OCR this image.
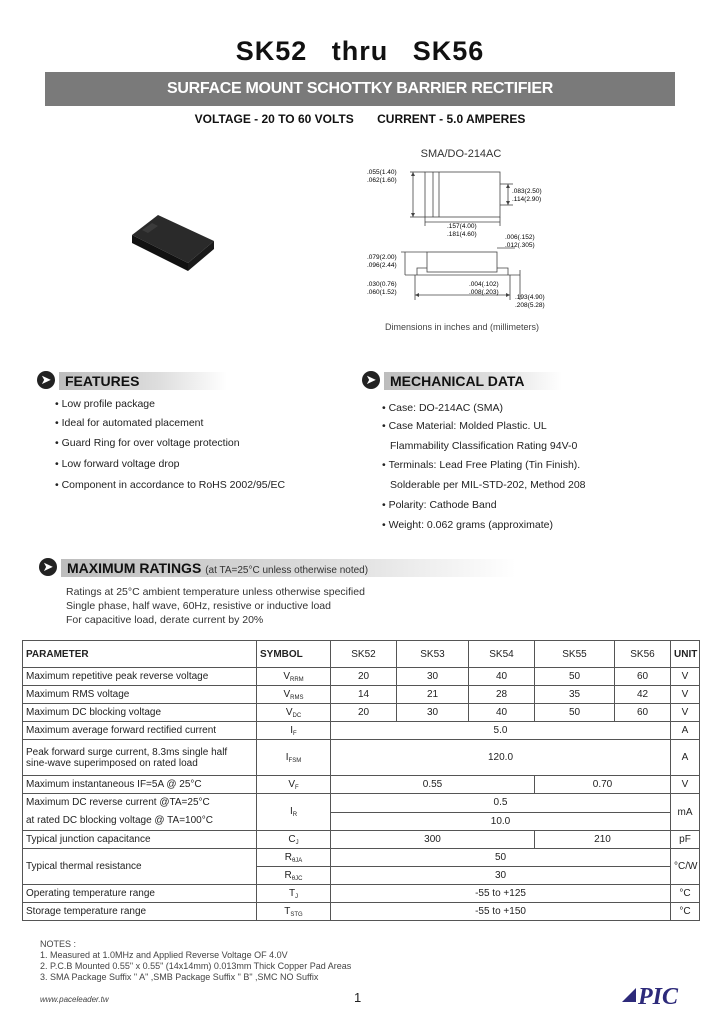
SK52 thru SK56
SURFACE MOUNT SCHOTTKY BARRIER RECTIFIER
VOLTAGE - 20 TO 60 VOLTS CURRENT - 5.0 AMPERES
SMA/DO-214AC
.055(1.40)
.062(1.60)
.083(2.50)
.114(2.90)
.157(4.00)
.181(4.60)	.006(.152)
.012(.305)
.079(2.00)
.096(2.44)
.030(0.76)
.060(1.52)
.004(.102)
.008(.203)
.193(4.90)
.208(5.28)
Dimensions in inches and (millimeters)
➤ FEATURES
• Low profile package
• Ideal for automated placement
• Guard Ring for over voltage protection
• Low forward voltage drop
• Component in accordance to RoHS 2002/95/EC
➤ MECHANICAL DATA
• Case: DO-214AC (SMA)
• Case Material: Molded Plastic. UL
Flammability Classification Rating 94V-0
• Terminals: Lead Free Plating (Tin Finish).
Solderable per MIL-STD-202, Method 208
• Polarity: Cathode Band
• Weight: 0.062 grams (approximate)
➤ MAXIMUM RATINGS (at TA=25°C unless otherwise noted)
Ratings at 25°C ambient temperature unless otherwise specified
Single phase, half wave, 60Hz, resistive or inductive load
For capacitive load, derate current by 20%
PARAMETER	SYMBOL	SK52	SK53	SK54	SK55	SK56	UNIT
Maximum repetitive peak reverse voltage	$V_{RRM}$	20	30	40	50	60	V
Maximum RMS voltage	$V_{RMS}$	14	21	28	35	42	V
Maximum DC blocking voltage	$V_{DC}$	20	30	40	50	60	V
Maximum average forward rectified current	$I_F$	5.0					A

Peak forward surge current, 8.3ms single half
sine-wave superimposed on rated load	$I_{FSM}$	120.0					A
Maximum instantaneous IF=5A @ 25°C	$V_F$	0.55			0.70		V

Maximum DC reverse current @TA=25°C
at rated DC blocking voltage @ TA=100°C	$I_R$	0.5					mA
		10.0					
Typical junction capacitance	$C_J$	300			210		pF
Typical thermal resistance	$R_{\theta JA}$	50					°C/W
	$R_{\theta JC}$	30					
Operating temperature range	$T_J$	-55 to +125					°C
Storage temperature range	$T_{STG}$	-55 to +150					°C
NOTES :
1. Measured at 1.0MHz and Applied Reverse Voltage OF 4.0V
2. P.C.B Mounted 0.55" x 0.55" (14x14mm) 0.013mm Thick Copper Pad Areas
3. SMA Package Suffix " A" ,SMB Package Suffix " B" ,SMC NO Suffix
www.paceleader.tw	1	PIC
